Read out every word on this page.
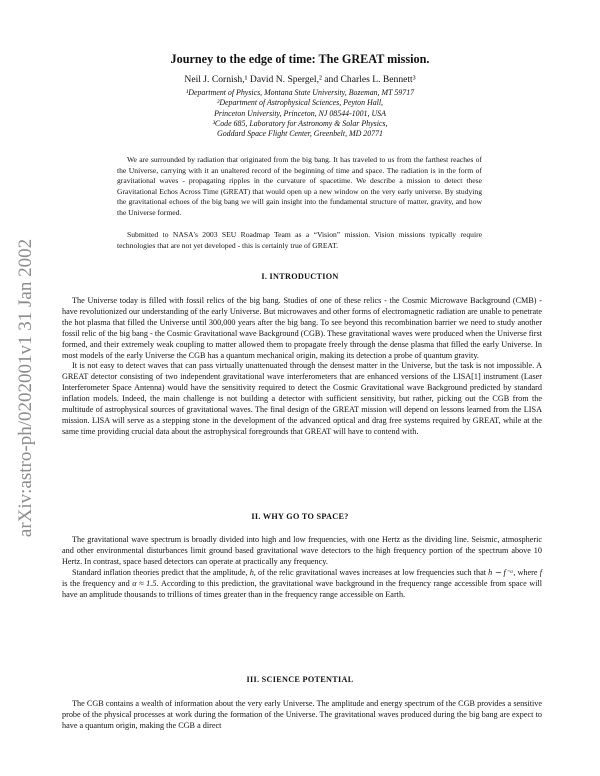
arXiv:astro-ph/0202001v1 31 Jan 2002
Journey to the edge of time: The GREAT mission.
Neil J. Cornish,¹ David N. Spergel,² and Charles L. Bennett³
¹Department of Physics, Montana State University, Bozeman, MT 59717
²Department of Astrophysical Sciences, Peyton Hall,
Princeton University, Princeton, NJ 08544-1001, USA
³Code 685, Laboratory for Astronomy & Solar Physics,
Goddard Space Flight Center, Greenbelt, MD 20771

We are surrounded by radiation that originated from the big bang. It has traveled to us from the farthest reaches of the Universe, carrying with it an unaltered record of the beginning of time and space. The radiation is in the form of gravitational waves - propagating ripples in the curvature of spacetime. We describe a mission to detect these Gravitational Echos Across Time (GREAT) that would open up a new window on the very early universe. By studying the gravitational echoes of the big bang we will gain insight into the fundamental structure of matter, gravity, and how the Universe formed.

Submitted to NASA's 2003 SEU Roadmap Team as a “Vision” mission. Vision missions typically require technologies that are not yet developed - this is certainly true of GREAT.

I. INTRODUCTION

The Universe today is filled with fossil relics of the big bang. Studies of one of these relics - the Cosmic Microwave Background (CMB) - have revolutionized our understanding of the early Universe. But microwaves and other forms of electromagnetic radiation are unable to penetrate the hot plasma that filled the Universe until 300,000 years after the big bang. To see beyond this recombination barrier we need to study another fossil relic of the big bang - the Cosmic Gravitational wave Background (CGB). These gravitational waves were produced when the Universe first formed, and their extremely weak coupling to matter allowed them to propagate freely through the dense plasma that filled the early Universe. In most models of the early Universe the CGB has a quantum mechanical origin, making its detection a probe of quantum gravity.

It is not easy to detect waves that can pass virtually unattenuated through the densest matter in the Universe, but the task is not impossible. A GREAT detector consisting of two independent gravitational wave interferometers that are enhanced versions of the LISA[1] instrument (Laser Interferometer Space Antenna) would have the sensitivity required to detect the Cosmic Gravitational wave Background predicted by standard inflation models. Indeed, the main challenge is not building a detector with sufficient sensitivity, but rather, picking out the CGB from the multitude of astrophysical sources of gravitational waves. The final design of the GREAT mission will depend on lessons learned from the LISA mission. LISA will serve as a stepping stone in the development of the advanced optical and drag free systems required by GREAT, while at the same time providing crucial data about the astrophysical foregrounds that GREAT will have to contend with.

II. WHY GO TO SPACE?

The gravitational wave spectrum is broadly divided into high and low frequencies, with one Hertz as the dividing line. Seismic, atmospheric and other environmental disturbances limit ground based gravitational wave detectors to the high frequency portion of the spectrum above 10 Hertz. In contrast, space based detectors can operate at practically any frequency.

Standard inflation theories predict that the amplitude, h, of the relic gravitational waves increases at low frequencies such that h ∼ f⁻ᵅ, where f is the frequency and α ≈ 1.5. According to this prediction, the gravitational wave background in the frequency range accessible from space will have an amplitude thousands to trillions of times greater than in the frequency range accessible on Earth.

III. SCIENCE POTENTIAL

The CGB contains a wealth of information about the very early Universe. The amplitude and energy spectrum of the CGB provides a sensitive probe of the physical processes at work during the formation of the Universe. The gravitational waves produced during the big bang are expect to have a quantum origin, making the CGB a direct
